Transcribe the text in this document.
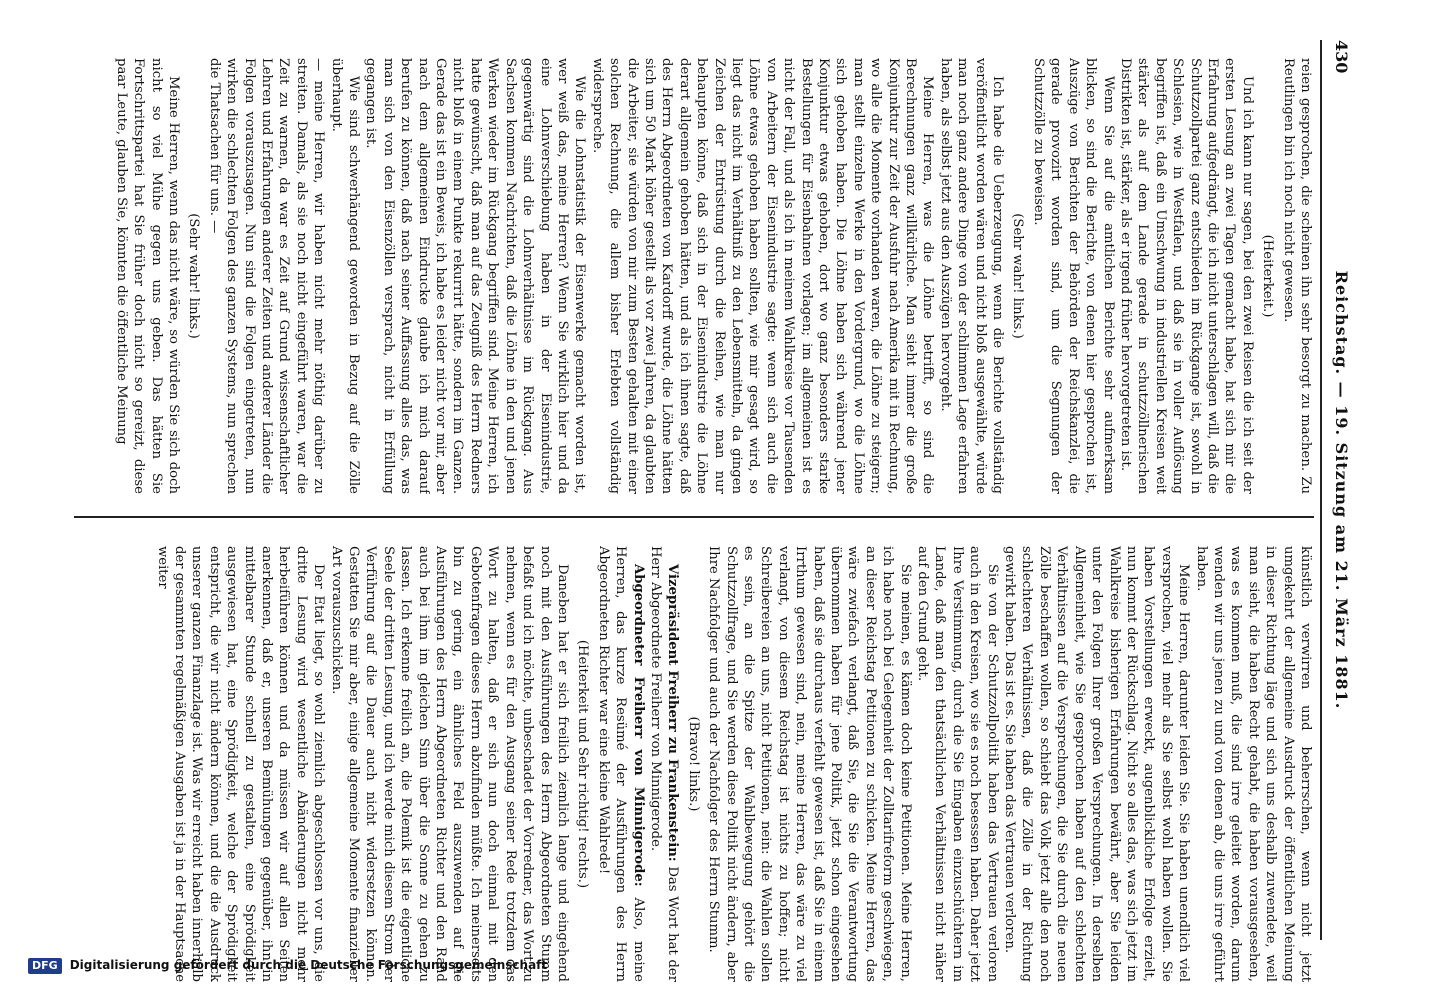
430
Reichstag. — 19. Sitzung am 21. März 1881.

reien gesprochen, die scheinen ihn sehr besorgt zu machen. Zu Reutlingen bin ich noch nicht gewesen.

(Heiterkeit.)

Und ich kann nur sagen, bei den zwei Reisen die ich seit der ersten Lesung an zwei Tagen gemacht habe, hat sich mir die Erfahrung aufgedrängt, die ich nicht unterschlagen will, daß die Schutzzollpartei ganz entschieden im Rückgange ist, sowohl in Schlesien, wie in Westfalen, und daß sie in voller Auflösung begriffen ist, daß ein Umschwung in industriellen Kreisen weit stärker als auf dem Lande gerade in schutzzöllnerischen Distrikten ist, stärker, als er irgend früher hervorgetreten ist.

Wenn Sie auf die amtlichen Berichte sehr aufmerksam blicken, so sind die Berichte, von denen hier gesprochen ist, Auszüge von Berichten der Behörden der Reichskanzlei, die gerade provozirt worden sind, um die Segnungen der Schutzzölle zu beweisen.

(Sehr wahr! links.)

Ich habe die Ueberzeugung, wenn die Berichte vollständig veröffentlicht worden wären und nicht bloß ausgewählte, würde man noch ganz andere Dinge von der schlimmen Lage erfahren haben, als selbst jetzt aus den Auszügen hervorgeht.

Meine Herren, was die Löhne betrifft, so sind die Berechnungen ganz willkürliche. Man sieht immer die große Konjunktur zur Zeit der Ausfuhr nach Amerika mit in Rechnung, wo alle die Momente vorhanden waren, die Löhne zu steigern; man stellt einzelne Werke in den Vordergrund, wo die Löhne sich gehoben haben. Die Löhne haben sich während jener Konjunktur etwas gehoben, dort wo ganz besonders starke Bestellungen für Eisenbahnen vorlagen; im allgemeinen ist es nicht der Fall, und als ich in meinem Wahlkreise vor Tausenden von Arbeitern der Eisenindustrie sagte: wenn sich auch die Löhne etwas gehoben haben sollten, wie mir gesagt wird, so liegt das nicht im Verhältniß zu den Lebensmitteln, da gingen Zeichen der Entrüstung durch die Reihen, wie man nur behaupten könne, daß sich in der Eisenindustrie die Löhne derart allgemein gehoben hätten, und als ich ihnen sagte, daß des Herrn Abgeordneten von Kardorff wurde, die Löhne hätten sich um 50 Mark höher gestellt als vor zwei Jahren, da glaubten die Arbeiter, sie würden von mir zum Besten gehalten mit einer solchen Rechnung, die allem bisher Erlebten vollständig widerspreche.

Wie die Lohnstatistik der Eisenwerke gemacht worden ist, wer weiß das, meine Herren? Wenn Sie wirklich hier und da eine Lohnverschiebung haben in der Eisenindustrie, gegenwärtig sind die Lohnverhältnisse im Rückgang. Aus Sachsen kommen Nachrichten, daß die Löhne in den und jenen Werken wieder im Rückgang begriffen sind. Meine Herren, ich hatte gewünscht, daß man auf das Zeugniß des Herrn Redners nicht bloß in einem Punkte rekurrirt hätte, sondern im Ganzen. Gerade das ist ein Beweis, ich habe es leider nicht vor mir, aber nach dem allgemeinen Eindrucke glaube ich mich darauf berufen zu können, daß nach seiner Auffassung alles das, was man sich von den Eisenzöllen versprach, nicht in Erfüllung gegangen ist.

Wie sind schwerhängend geworden in Bezug auf die Zölle überhaupt.

— meine Herren, wir haben nicht mehr nöthig darüber zu streiten. Damals, als sie noch nicht eingeführt waren, war die Zeit zu warnen, da war es Zeit auf Grund wissenschaftlicher Lehren und Erfahrungen anderer Zeiten und anderer Länder die Folgen vorauszusagen. Nun sind die Folgen eingetreten, nun wirken die schlechten Folgen des ganzen Systems, nun sprechen die Thatsachen für uns. —

(Sehr wahr! links.)

Meine Herren, wenn das nicht wäre, so würden Sie sich doch nicht so viel Mühe gegen uns geben. Das hätten Sie Fortschrittspartei hat Sie früher doch nicht so gereizt, diese paar Leute, glauben Sie, könnten die öffentliche Meinung

künstlich verwirren und beherrschen, wenn nicht jetzt umgekehrt der allgemeine Ausdruck der öffentlichen Meinung in dieser Richtung läge und sich uns deshalb zuwendete, weil man sieht, die haben Recht gehabt, die haben vorausgesehen, was es kommen muß, die sind irre geleitet worden, darum wenden wir uns jenen zu und von denen ab, die uns irre geführt haben.

Meine Herren, darunter leiden Sie. Sie haben unendlich viel versprochen, viel mehr als Sie selbst wohl haben wollen. Sie haben Vorstellungen erweckt, augenblickliche Erfolge erzielt, nun kommt der Rückschlag. Nicht so alles das, was sich jetzt im Wahlkreise bisherigen Erfahrungen bewährt, aber Sie leiden unter den Folgen Ihrer großen Versprechungen. In derselben Allgemeinheit, wie Sie gesprochen haben auf den schlechten Verhältnissen auf die Versprechungen, die Sie durch die neuen Zölle beschaffen wollen, so schiebt das Volk jetzt alle den noch schlechteren Verhältnissen, daß die Zölle in der Richtung gewirkt haben. Das ist es. Sie haben das Vertrauen verloren.

Sie von der Schutzzollpolitik haben das Vertrauen verloren auch in den Kreisen, wo sie es noch besessen haben. Daher jetzt Ihre Verstimmung, durch die Sie Eingaben einzuschüchtern im Lande, daß man den thatsächlichen Verhältnissen nicht näher auf den Grund geht.

Sie meinen, es kämen doch keine Petitionen. Meine Herren, ich habe noch bei Gelegenheit der Zolltarifreform geschwiegen, an dieser Reichstag Petitionen zu schicken. Meine Herren, das wäre zwiefach verlangt, daß Sie, die Sie die Verantwortung übernommen haben für jene Politik, jetzt schon eingesehen haben, daß sie durchaus verfehlt gewesen ist, daß Sie in einem Irrthum gewesen sind, nein, meine Herren, das wäre zu viel verlangt, von diesem Reichstag ist nichts zu hoffen; nicht Schreibereien an uns, nicht Petitionen, nein: die Wahlen sollen es sein, an die Spitze der Wahlbewegung gehört die Schutzzollfrage, und Sie werden diese Politik nicht ändern, aber Ihre Nachfolger und auch der Nachfolger des Herrn Stumm.

(Bravo! links.)

Vizepräsident Freiherr zu Frankenstein: Das Wort hat der Herr Abgeordnete Freiherr von Minnigerode.

Abgeordneter Freiherr von Minnigerode: Also, meine Herren, das kurze Resümé der Ausführungen des Herrn Abgeordneten Richter war eine kleine Wahlrede!

(Heiterkeit und Sehr richtig! rechts.)

Daneben hat er sich freilich ziemlich lange und eingehend noch mit den Ausführungen des Herrn Abgeordneten Stumm befaßt und ich möchte, unbeschadet der Vorredner, das Wort zu nehmen, wenn es für den Ausgang seiner Rede trotzdem das Wort zu halten, daß er sich nun doch einmal mit den Gebotenfragen dieses Herrn abzufinden müßte. Ich meinerseits bin zu gering, ein ähnliches Feld auszuwenden auf die Ausführungen des Herrn Abgeordneten Richter und den Rand auch bei ihm im gleichen Sinn über die Sonne zu gehen zu lassen. Ich erkenne freilich an, die Polemik ist die eigentliche Seele der dritten Lesung, und ich werde mich diesem Strom der Verführung auf die Dauer auch nicht widersetzen können. Gestatten Sie mir aber, einige allgemeine Momente finanzieller Art vorauszuschicken.

Der Etat liegt, so wohl ziemlich abgeschlossen vor uns, die dritte Lesung wird wesentliche Abänderungen nicht mehr herbeiführen können und da müssen wir auf allen Seiten anerkennen, daß er, unseren Bemühungen gegenüber, ihn in mittelbarer Stunde schnell zu gestalten, eine Sprödigkeit ausgewiesen hat, eine Sprödigkeit, welche der Sprödigkeit entspricht, die wir nicht ändern können, und die die Ausdruck unserer ganzen Finanzlage ist. Was wir erreicht haben innerhalb der gesammten regelmäßigen Ausgaben ist ja in der Hauptsache weiter

DFG Digitalisierung gefördert durch die Deutsche Forschungsgemeinschaft
